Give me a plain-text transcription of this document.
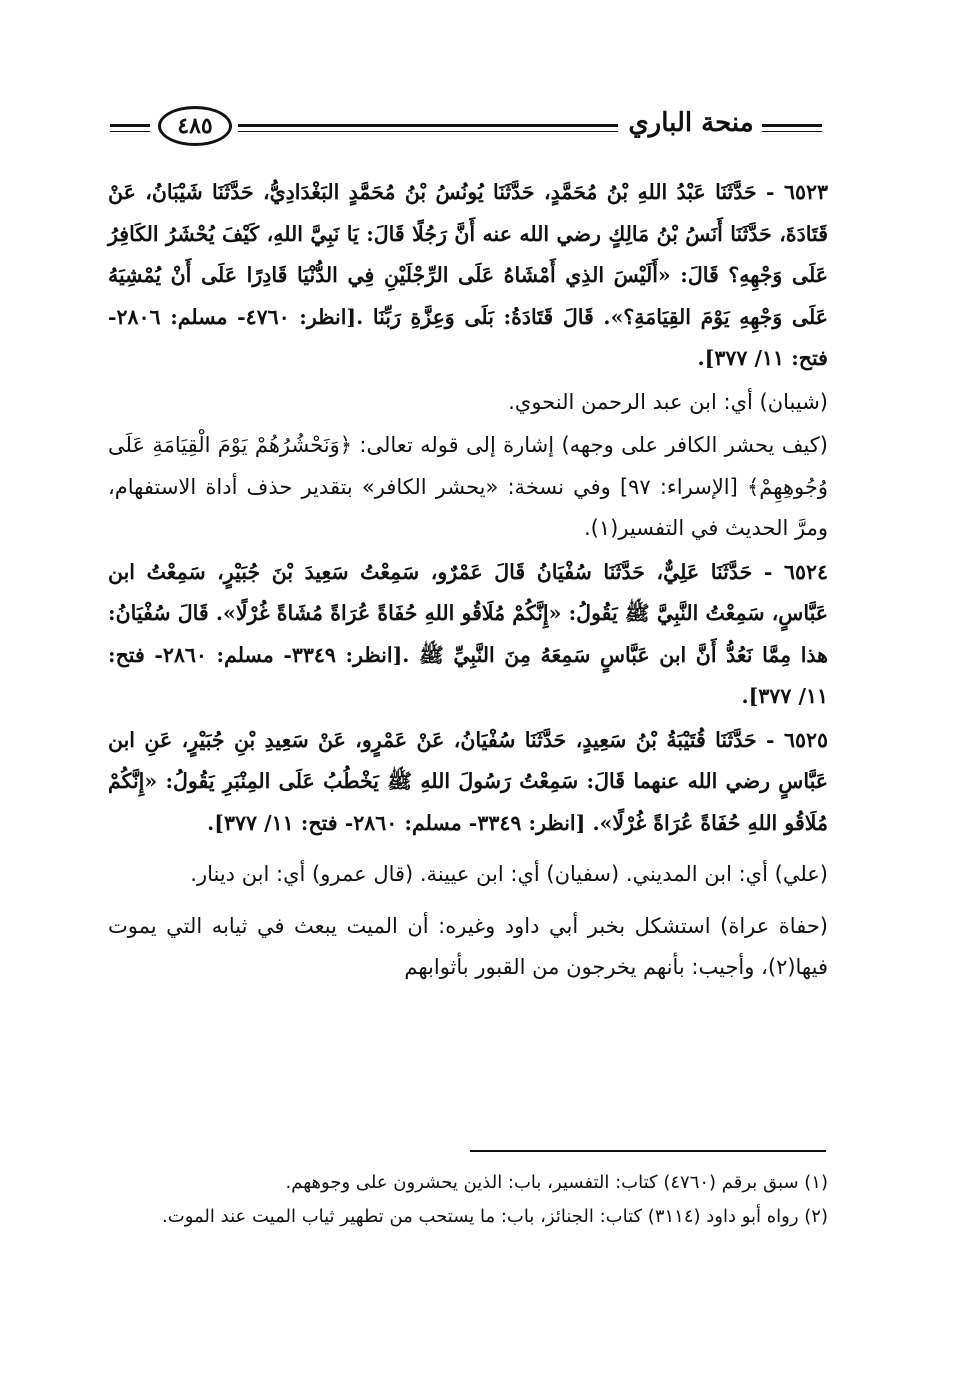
٤٨٥	منحة الباري

٦٥٢٣ - حَدَّثَنَا عَبْدُ اللهِ بْنُ مُحَمَّدٍ، حَدَّثَنَا يُونُسُ بْنُ مُحَمَّدٍ البَغْدَادِيُّ، حَدَّثَنَا شَيْبَانُ، عَنْ قَتَادَةَ، حَدَّثَنَا أَنَسُ بْنُ مَالِكٍ رضي الله عنه أَنَّ رَجُلًا قَالَ: يَا نَبِيَّ اللهِ، كَيْفَ يُحْشَرُ الكَافِرُ عَلَى وَجْهِهِ؟ قَالَ: «أَلَيْسَ الذِي أَمْشَاهُ عَلَى الرِّجْلَيْنِ فِي الدُّنْيَا قَادِرًا عَلَى أَنْ يُمْشِيَهُ عَلَى وَجْهِهِ يَوْمَ القِيَامَةِ؟». قَالَ قَتَادَةُ: بَلَى وَعِزَّةِ رَبِّنَا .[انظر: ٤٧٦٠- مسلم: ٢٨٠٦- فتح: ١١/ ٣٧٧].

(شيبان) أي: ابن عبد الرحمن النحوي.

(كيف يحشر الكافر على وجهه) إشارة إلى قوله تعالى: ﴿وَنَحْشُرُهُمْ يَوْمَ الْقِيَامَةِ عَلَى وُجُوهِهِمْ﴾ [الإسراء: ٩٧] وفي نسخة: «يحشر الكافر» بتقدير حذف أداة الاستفهام، ومرَّ الحديث في التفسير(١).

٦٥٢٤ - حَدَّثَنَا عَلِيٌّ، حَدَّثَنَا سُفْيَانُ قَالَ عَمْرٌو، سَمِعْتُ سَعِيدَ بْنَ جُبَيْرٍ، سَمِعْتُ ابن عَبَّاسٍ، سَمِعْتُ النَّبِيَّ ﷺ يَقُولُ: «إِنَّكُمْ مُلَاقُو اللهِ حُفَاةً عُرَاةً مُشَاةً غُرْلًا». قَالَ سُفْيَانُ: هذا مِمَّا نَعُدُّ أَنَّ ابن عَبَّاسٍ سَمِعَهُ مِنَ النَّبِيِّ ﷺ .[انظر: ٣٣٤٩- مسلم: ٢٨٦٠- فتح: ١١/ ٣٧٧].

٦٥٢٥ - حَدَّثَنَا قُتَيْبَةُ بْنُ سَعِيدٍ، حَدَّثَنَا سُفْيَانُ، عَنْ عَمْرٍو، عَنْ سَعِيدِ بْنِ جُبَيْرٍ، عَنِ ابن عَبَّاسٍ رضي الله عنهما قَالَ: سَمِعْتُ رَسُولَ اللهِ ﷺ يَخْطُبُ عَلَى المِنْبَرِ يَقُولُ: «إِنَّكُمْ مُلَاقُو اللهِ حُفَاةً عُرَاةً غُرْلًا». [انظر: ٣٣٤٩- مسلم: ٢٨٦٠- فتح: ١١/ ٣٧٧].

(علي) أي: ابن المديني. (سفيان) أي: ابن عيينة. (قال عمرو) أي: ابن دينار.

(حفاة عراة) استشكل بخبر أبي داود وغيره: أن الميت يبعث في ثيابه التي يموت فيها(٢)، وأجيب: بأنهم يخرجون من القبور بأثوابهم

(١) سبق برقم (٤٧٦٠) كتاب: التفسير، باب: الذين يحشرون على وجوههم.

(٢) رواه أبو داود (٣١١٤) كتاب: الجنائز، باب: ما يستحب من تطهير ثياب الميت عند الموت.
